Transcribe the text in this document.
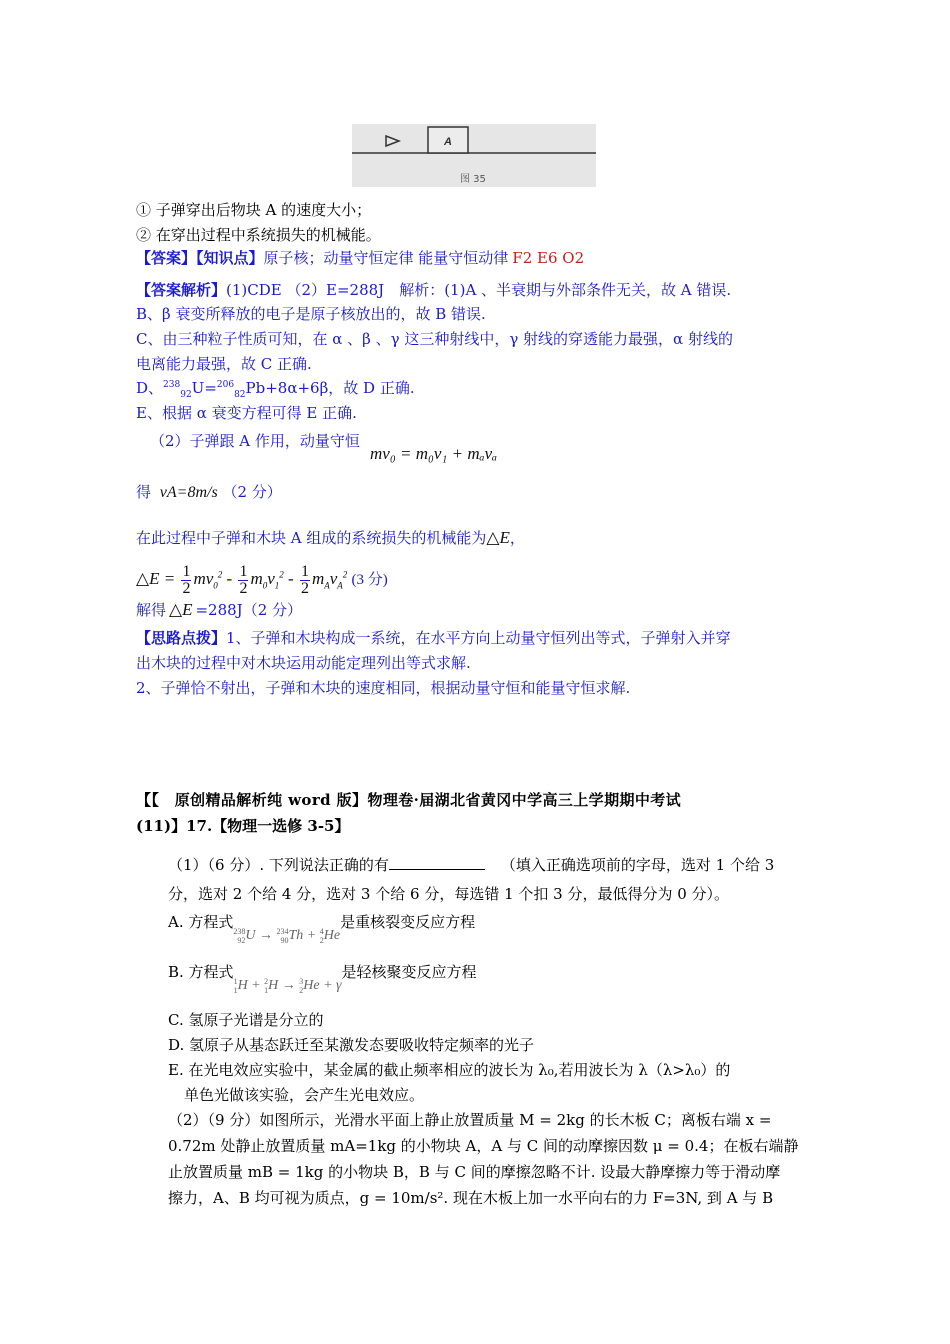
A
图 35
① 子弹穿出后物块 A 的速度大小；
② 在穿出过程中系统损失的机械能。
【答案】【知识点】原子核；动量守恒定律 能量守恒动律 F2 E6 O2
【答案解析】(1)CDE （2）E=288J　解析：(1)A 、半衰期与外部条件无关，故 A 错误.
B、β 衰变所释放的电子是原子核放出的，故 B 错误.
C、由三种粒子性质可知，在 α 、β 、γ 这三种射线中，γ 射线的穿透能力最强，α 射线的
电离能力最强，故 C 正确.
D、$^{238}_{92}$U=$^{206}_{82}$Pb+8α+6β，故 D 正确.
E、根据 α 衰变方程可得 E 正确.
（2）子弹跟 A 作用，动量守恒
mv₀ = m₀v₁ + mₐvₐ
得 vA=8m/s （2 分）
在此过程中子弹和木块 A 组成的系统损失的机械能为△E，
△E = $\frac{1}{2} mv_0^2 - \frac{1}{2} m_0v_1^2 - \frac{1}{2} m_Av_A^2$ (3 分)
解得 △E =288J（2 分）
【思路点拨】1、子弹和木块构成一系统，在水平方向上动量守恒列出等式，子弹射入并穿
出木块的过程中对木块运用动能定理列出等式求解.
2、子弹恰不射出，子弹和木块的速度相同，根据动量守恒和能量守恒求解.
【【　原创精品解析纯 word 版】物理卷·届湖北省黄冈中学高三上学期期中考试
(11)】17.【物理一选修 3-5】
（1）（6 分）. 下列说法正确的有	（填入正确选项前的字母，选对 1 个给 3
分，选对 2 个给 4 分，选对 3 个给 6 分，每选错 1 个扣 3 分，最低得分为 0 分）。
A. 方程式238
92U → 234
90Th + 4
2He是重核裂变反应方程
B. 方程式1
1H + 2
1H → 3
2He + γ是轻核聚变反应方程
C. 氢原子光谱是分立的
D. 氢原子从基态跃迁至某激发态要吸收特定频率的光子
E. 在光电效应实验中，某金属的截止频率相应的波长为 λ₀,若用波长为 λ（λ>λ₀）的
单色光做该实验，会产生光电效应。
（2）（9 分）如图所示，光滑水平面上静止放置质量 M = 2kg 的长木板 C；离板右端 x =
0.72m 处静止放置质量 mA=1kg 的小物块 A，A 与 C 间的动摩擦因数 μ = 0.4；在板右端静
止放置质量 mB = 1kg 的小物块 B，B 与 C 间的摩擦忽略不计. 设最大静摩擦力等于滑动摩
擦力，A、B 均可视为质点，g = 10m/s². 现在木板上加一水平向右的力 F=3N, 到 A 与 B
